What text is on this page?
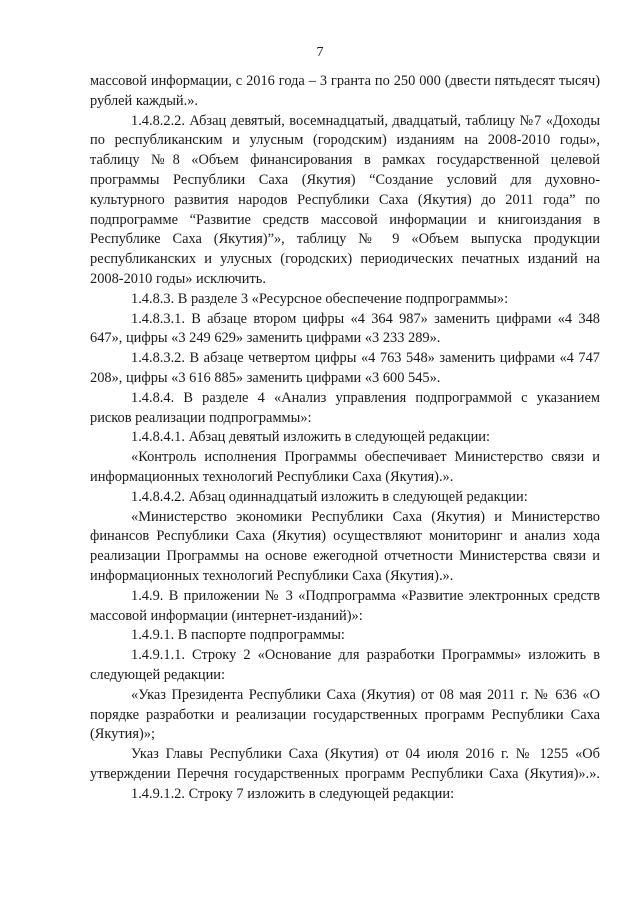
7

массовой информации, с 2016 года – 3 гранта по 250 000 (двести пятьдесят тысяч) рублей каждый.».

1.4.8.2.2. Абзац девятый, восемнадцатый, двадцатый, таблицу №7 «Доходы по республиканским и улусным (городским) изданиям на 2008-2010 годы», таблицу №8 «Объем финансирования в рамках государственной целевой программы Республики Саха (Якутия) “Создание условий для духовно-культурного развития народов Республики Саха (Якутия) до 2011 года” по подпрограмме “Развитие средств массовой информации и книгоиздания в Республике Саха (Якутия)”», таблицу № 9 «Объем выпуска продукции республиканских и улусных (городских) периодических печатных изданий на 2008-2010 годы» исключить.

1.4.8.3. В разделе 3 «Ресурсное обеспечение подпрограммы»:

1.4.8.3.1. В абзаце втором цифры «4 364 987» заменить цифрами «4 348 647», цифры «3 249 629» заменить цифрами «3 233 289».

1.4.8.3.2. В абзаце четвертом цифры «4 763 548» заменить цифрами «4 747 208», цифры «3 616 885» заменить цифрами «3 600 545».

1.4.8.4. В разделе 4 «Анализ управления подпрограммой с указанием рисков реализации подпрограммы»:

1.4.8.4.1. Абзац девятый изложить в следующей редакции:

«Контроль исполнения Программы обеспечивает Министерство связи и информационных технологий Республики Саха (Якутия).».

1.4.8.4.2. Абзац одиннадцатый изложить в следующей редакции:

«Министерство экономики Республики Саха (Якутия) и Министерство финансов Республики Саха (Якутия) осуществляют мониторинг и анализ хода реализации Программы на основе ежегодной отчетности Министерства связи и информационных технологий Республики Саха (Якутия).».

1.4.9. В приложении № 3 «Подпрограмма «Развитие электронных средств массовой информации (интернет-изданий)»:

1.4.9.1. В паспорте подпрограммы:

1.4.9.1.1. Строку 2 «Основание для разработки Программы» изложить в следующей редакции:

«Указ Президента Республики Саха (Якутия) от 08 мая 2011 г. № 636 «О порядке разработки и реализации государственных программ Республики Саха (Якутия)»;

Указ Главы Республики Саха (Якутия) от 04 июля 2016 г. № 1255 «Об утверждении Перечня государственных программ Республики Саха (Якутия)».».

1.4.9.1.2. Строку 7 изложить в следующей редакции:
